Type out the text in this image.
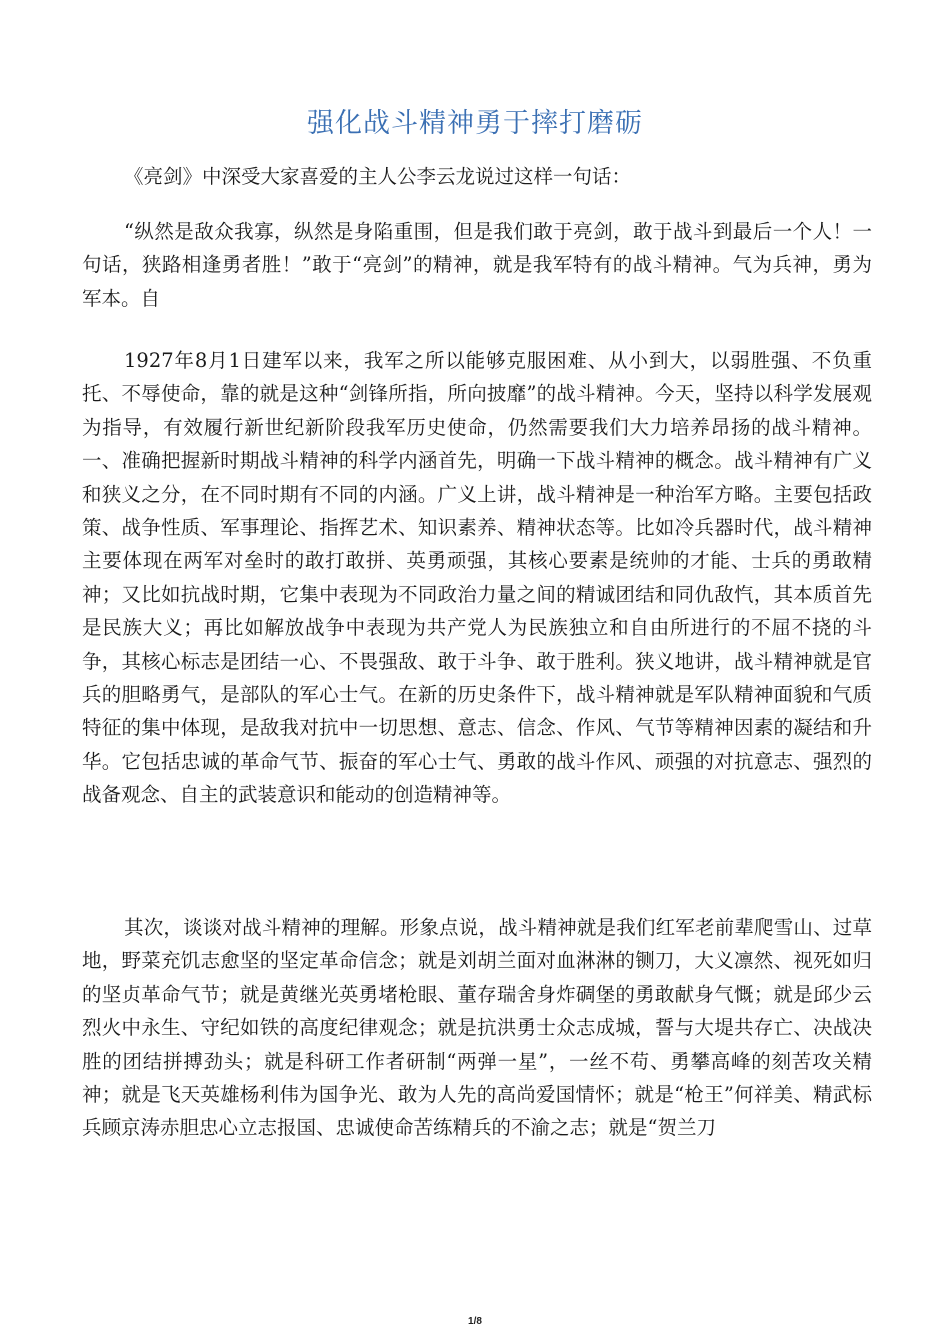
强化战斗精神勇于摔打磨砺

《亮剑》中深受大家喜爱的主人公李云龙说过这样一句话：

“纵然是敌众我寡，纵然是身陷重围，但是我们敢于亮剑，敢于战斗到最后一个人！一句话，狭路相逢勇者胜！”敢于“亮剑”的精神，就是我军特有的战斗精神。气为兵神，勇为军本。自

1927年8月1日建军以来，我军之所以能够克服困难、从小到大，以弱胜强、不负重托、不辱使命，靠的就是这种“剑锋所指，所向披靡”的战斗精神。今天，坚持以科学发展观为指导，有效履行新世纪新阶段我军历史使命，仍然需要我们大力培养昂扬的战斗精神。一、准确把握新时期战斗精神的科学内涵首先，明确一下战斗精神的概念。战斗精神有广义和狭义之分，在不同时期有不同的内涵。广义上讲，战斗精神是一种治军方略。主要包括政策、战争性质、军事理论、指挥艺术、知识素养、精神状态等。比如冷兵器时代，战斗精神主要体现在两军对垒时的敢打敢拼、英勇顽强，其核心要素是统帅的才能、士兵的勇敢精神；又比如抗战时期，它集中表现为不同政治力量之间的精诚团结和同仇敌忾，其本质首先是民族大义；再比如解放战争中表现为共产党人为民族独立和自由所进行的不屈不挠的斗争，其核心标志是团结一心、不畏强敌、敢于斗争、敢于胜利。狭义地讲，战斗精神就是官兵的胆略勇气，是部队的军心士气。在新的历史条件下，战斗精神就是军队精神面貌和气质特征的集中体现，是敌我对抗中一切思想、意志、信念、作风、气节等精神因素的凝结和升华。它包括忠诚的革命气节、振奋的军心士气、勇敢的战斗作风、顽强的对抗意志、强烈的战备观念、自主的武装意识和能动的创造精神等。

其次，谈谈对战斗精神的理解。形象点说，战斗精神就是我们红军老前辈爬雪山、过草地，野菜充饥志愈坚的坚定革命信念；就是刘胡兰面对血淋淋的铡刀，大义凛然、视死如归的坚贞革命气节；就是黄继光英勇堵枪眼、董存瑞舍身炸碉堡的勇敢献身气慨；就是邱少云烈火中永生、守纪如铁的高度纪律观念；就是抗洪勇士众志成城，誓与大堤共存亡、决战决胜的团结拼搏劲头；就是科研工作者研制“两弹一星”，一丝不苟、勇攀高峰的刻苦攻关精神；就是飞天英雄杨利伟为国争光、敢为人先的高尚爱国情怀；就是“枪王”何祥美、精武标兵顾京涛赤胆忠心立志报国、忠诚使命苦练精兵的不渝之志；就是“贺兰刀

1/8
